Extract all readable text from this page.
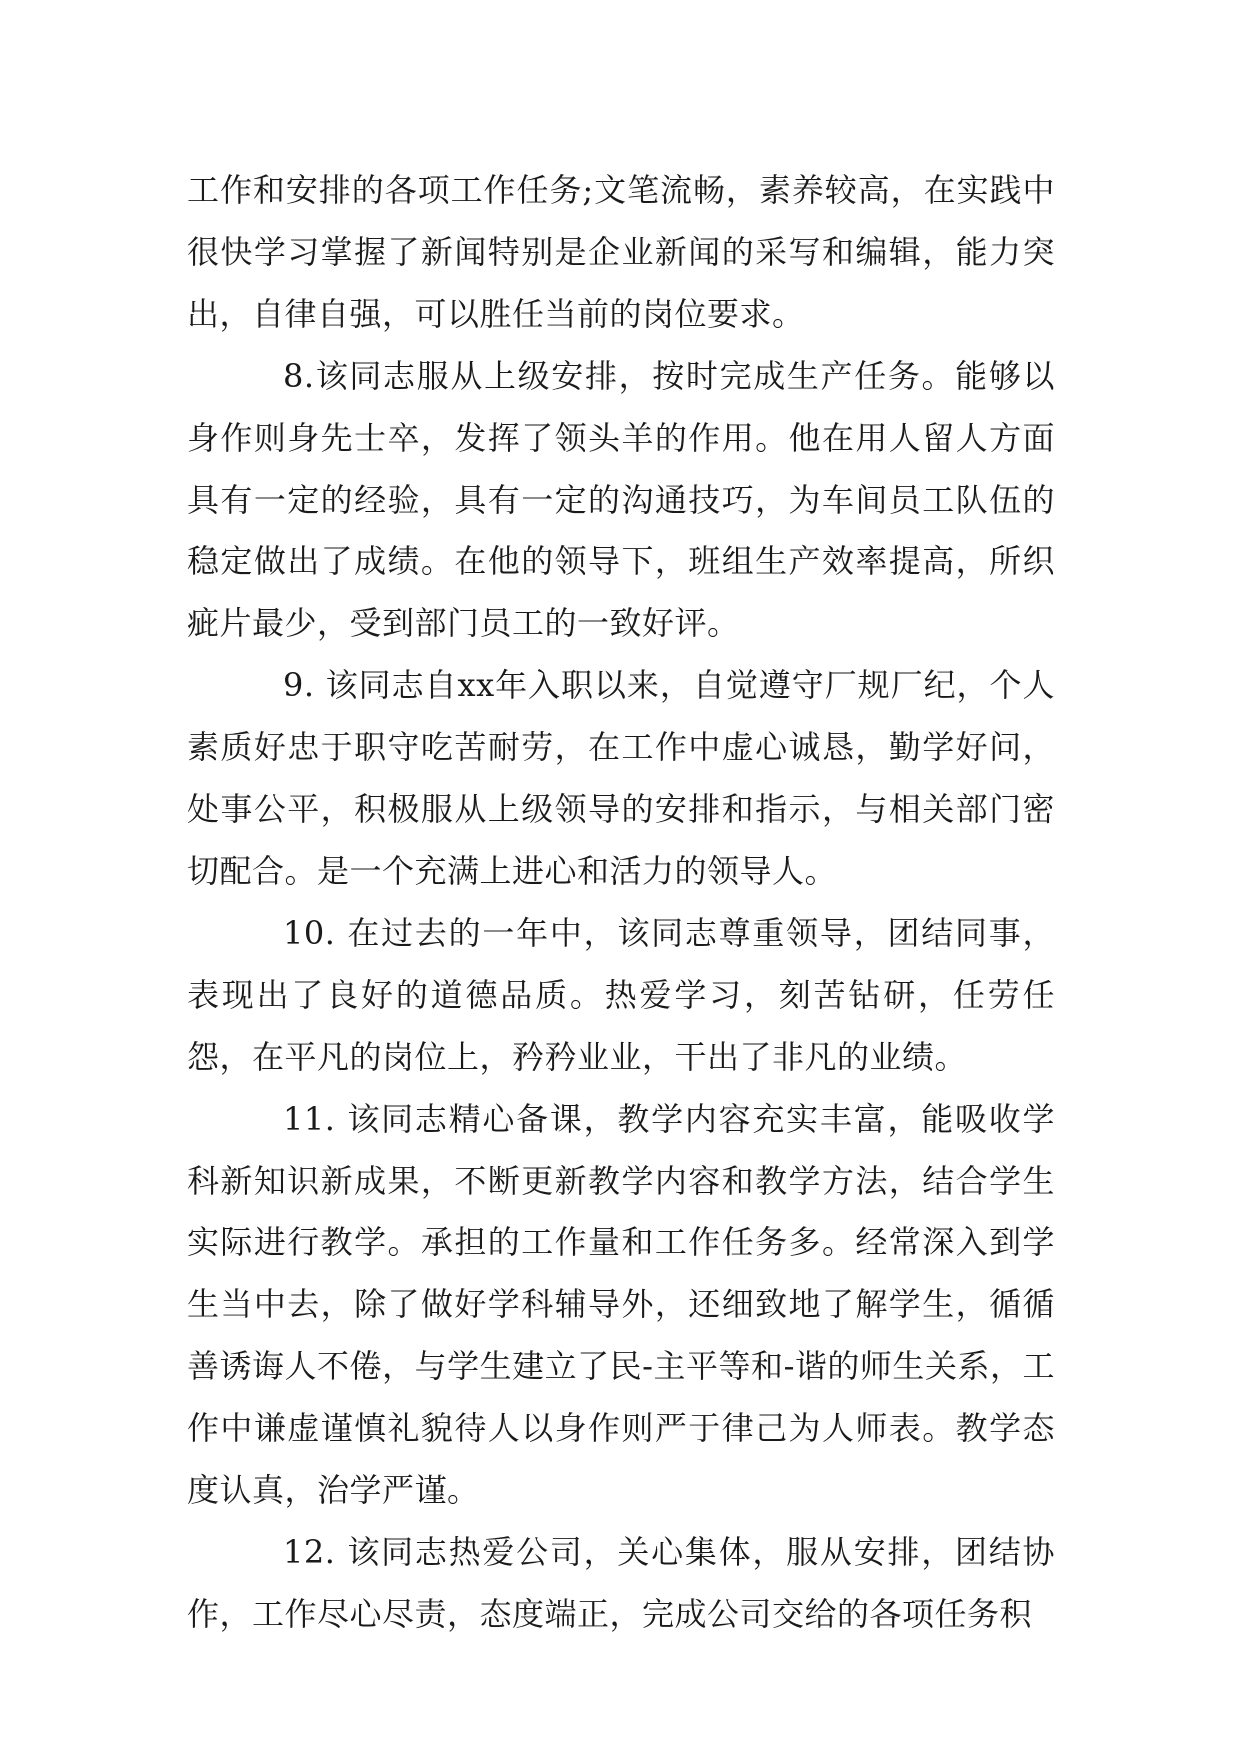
工作和安排的各项工作任务;文笔流畅，素养较高，在实践中很快学习掌握了新闻特别是企业新闻的采写和编辑，能力突出，自律自强，可以胜任当前的岗位要求。

8.该同志服从上级安排，按时完成生产任务。能够以身作则身先士卒，发挥了领头羊的作用。他在用人留人方面具有一定的经验，具有一定的沟通技巧，为车间员工队伍的稳定做出了成绩。在他的领导下，班组生产效率提高，所织疵片最少，受到部门员工的一致好评。

9. 该同志自xx年入职以来，自觉遵守厂规厂纪，个人素质好忠于职守吃苦耐劳，在工作中虚心诚恳，勤学好问，处事公平，积极服从上级领导的安排和指示，与相关部门密切配合。是一个充满上进心和活力的领导人。

10. 在过去的一年中，该同志尊重领导，团结同事，表现出了良好的道德品质。热爱学习，刻苦钻研，任劳任怨，在平凡的岗位上，矜矜业业，干出了非凡的业绩。

11. 该同志精心备课，教学内容充实丰富，能吸收学科新知识新成果，不断更新教学内容和教学方法，结合学生实际进行教学。承担的工作量和工作任务多。经常深入到学生当中去，除了做好学科辅导外，还细致地了解学生，循循善诱诲人不倦，与学生建立了民-主平等和-谐的师生关系，工作中谦虚谨慎礼貌待人以身作则严于律己为人师表。教学态度认真，治学严谨。

12. 该同志热爱公司，关心集体，服从安排，团结协作，工作尽心尽责，态度端正，完成公司交给的各项任务积
